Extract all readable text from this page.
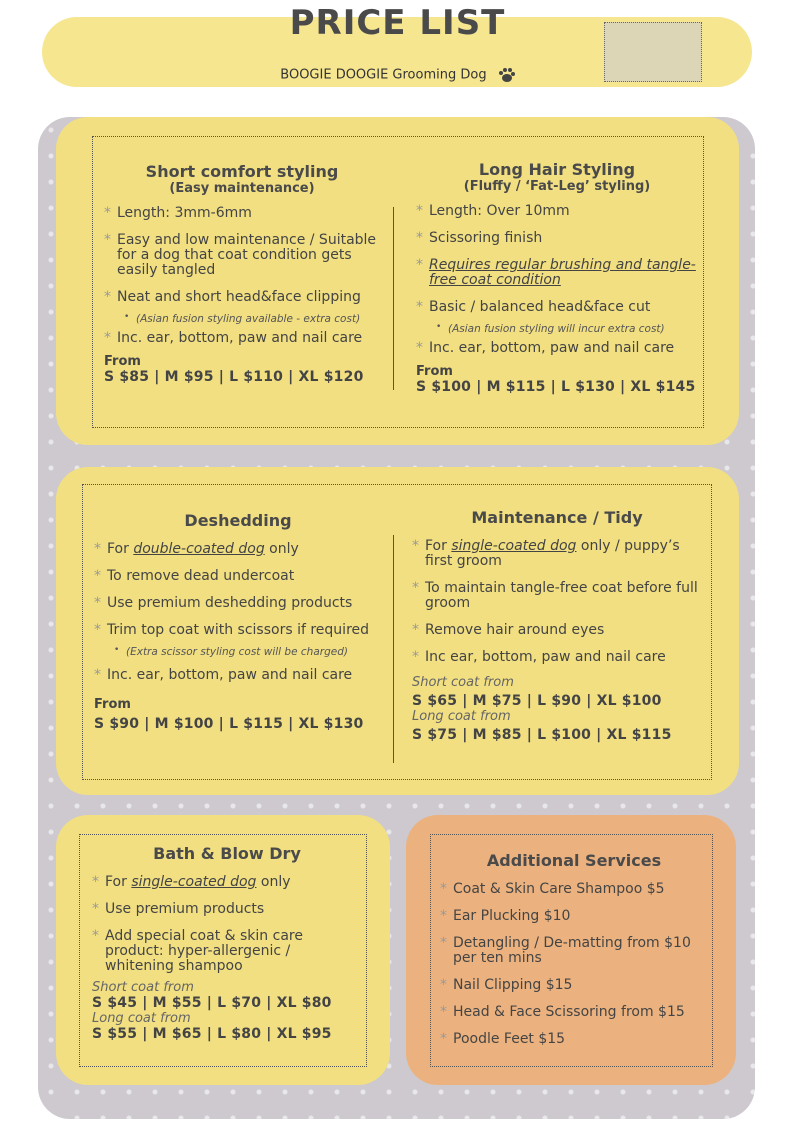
PRICE LIST
BOOGIE DOOGIE Grooming Dog
Short comfort styling
(Easy maintenance)
* Length: 3mm-6mm
* Easy and low maintenance / Suitable for a dog that coat condition gets easily tangled
* Neat and short head&face clipping
• (Asian fusion styling available - extra cost)
* Inc. ear, bottom, paw and nail care
From
S $85 | M $95 | L $110 | XL $120
Long Hair Styling
(Fluffy / ‘Fat-Leg’ styling)
* Length: Over 10mm
* Scissoring finish
* Requires regular brushing and tangle-free coat condition
* Basic / balanced head&face cut
• (Asian fusion styling will incur extra cost)
* Inc. ear, bottom, paw and nail care
From
S $100 | M $115 | L $130 | XL $145
Deshedding
* For double-coated dog only
* To remove dead undercoat
* Use premium deshedding products
* Trim top coat with scissors if required
• (Extra scissor styling cost will be charged)
* Inc. ear, bottom, paw and nail care
From
S $90 | M $100 | L $115 | XL $130
Maintenance / Tidy
* For single-coated dog only / puppy’s first groom
* To maintain tangle-free coat before full groom
* Remove hair around eyes
* Inc ear, bottom, paw and nail care
Short coat from
S $65 | M $75 | L $90 | XL $100
Long coat from
S $75 | M $85 | L $100 | XL $115
Bath & Blow Dry
* For single-coated dog only
* Use premium products
* Add special coat & skin care product: hyper-allergenic / whitening shampoo
Short coat from
S $45 | M $55 | L $70 | XL $80
Long coat from
S $55 | M $65 | L $80 | XL $95
Additional Services
* Coat & Skin Care Shampoo $5
* Ear Plucking $10
* Detangling / De-matting from $10 per ten mins
* Nail Clipping $15
* Head & Face Scissoring from $15
* Poodle Feet $15
